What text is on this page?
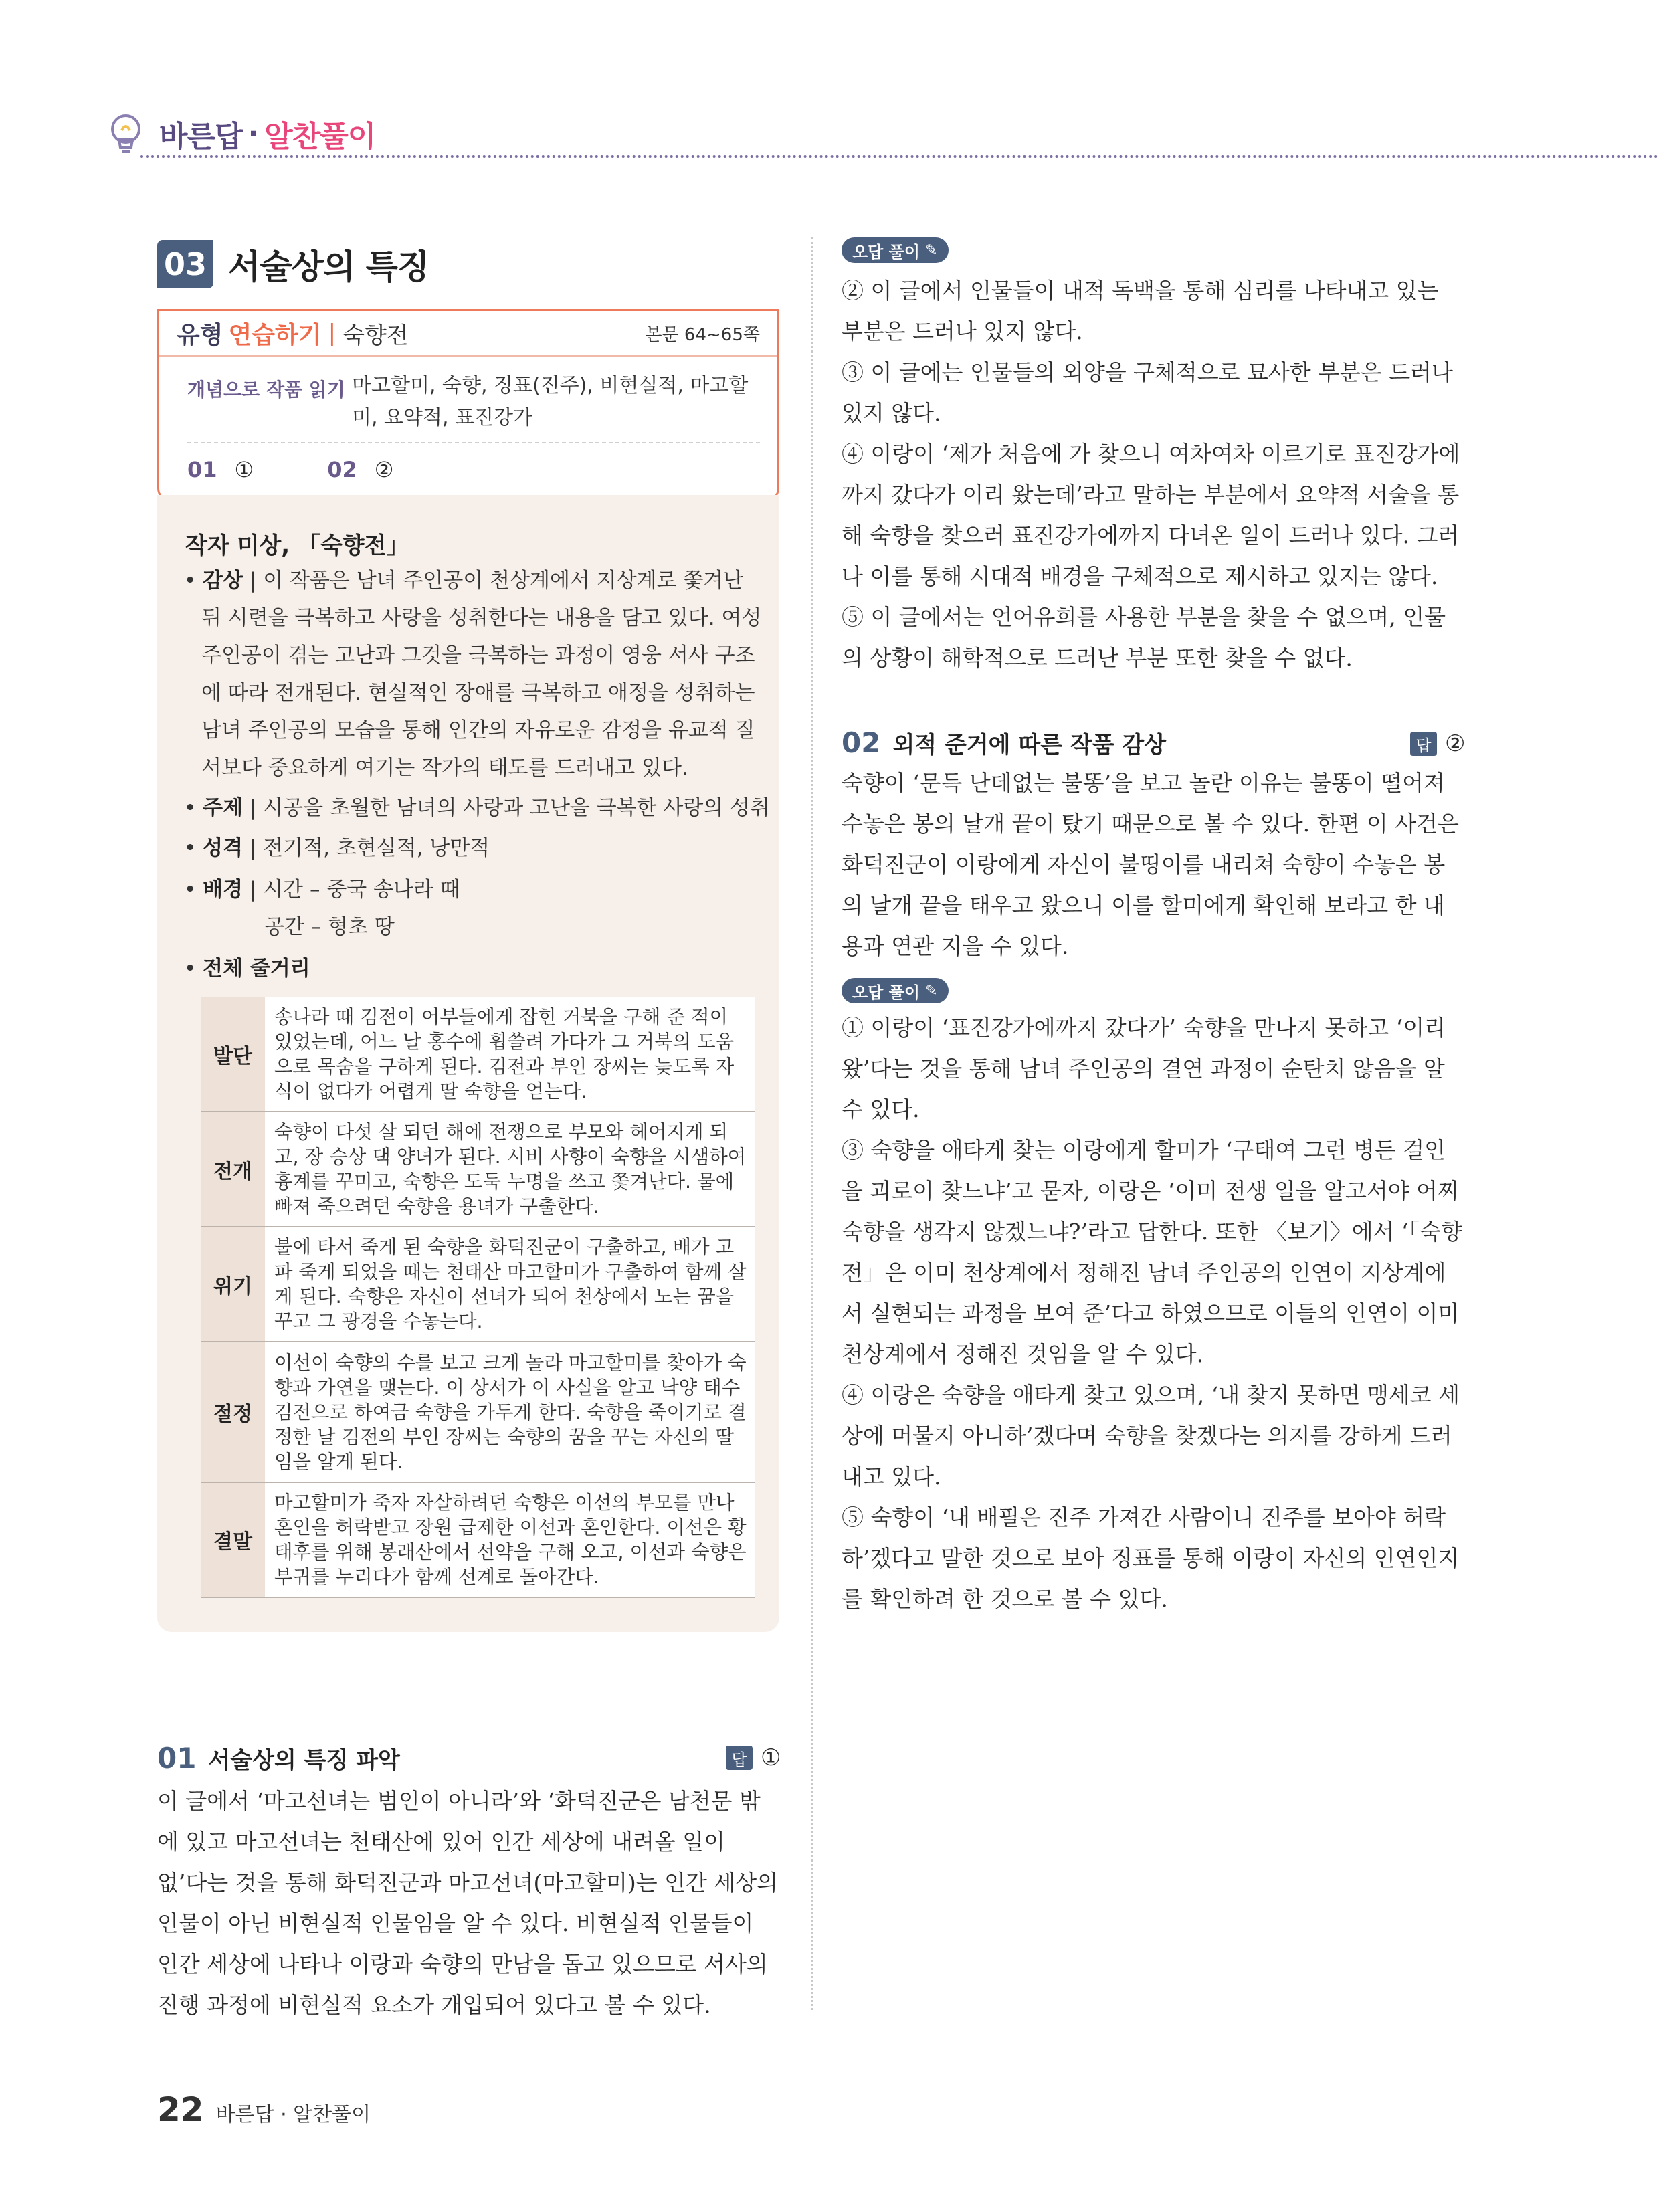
바른답 · 알찬풀이
03 서술상의 특징
유형 연습하기 | 숙향전	본문 64~65쪽
개념으로 작품 읽기 마고할미, 숙향, 징표(진주), 비현실적, 마고할미, 요약적, 표진강가
01 ①	02 ②
작자 미상, 「숙향전」
• 감상 | 이 작품은 남녀 주인공이 천상계에서 지상계로 쫓겨난 뒤 시련을 극복하고 사랑을 성취한다는 내용을 담고 있다. 여성 주인공이 겪는 고난과 그것을 극복하는 과정이 영웅 서사 구조에 따라 전개된다. 현실적인 장애를 극복하고 애정을 성취하는 남녀 주인공의 모습을 통해 인간의 자유로운 감정을 유교적 질서보다 중요하게 여기는 작가의 태도를 드러내고 있다.
• 주제 | 시공을 초월한 남녀의 사랑과 고난을 극복한 사랑의 성취
• 성격 | 전기적, 초현실적, 낭만적
• 배경 | 시간 – 중국 송나라 때
공간 – 형초 땅
• 전체 줄거리
발단	송나라 때 김전이 어부들에게 잡힌 거북을 구해 준 적이 있었는데, 어느 날 홍수에 휩쓸려 가다가 그 거북의 도움으로 목숨을 구하게 된다. 김전과 부인 장씨는 늦도록 자식이 없다가 어렵게 딸 숙향을 얻는다.
전개	숙향이 다섯 살 되던 해에 전쟁으로 부모와 헤어지게 되고, 장 승상 댁 양녀가 된다. 시비 사향이 숙향을 시샘하여 흉계를 꾸미고, 숙향은 도둑 누명을 쓰고 쫓겨난다. 물에 빠져 죽으려던 숙향을 용녀가 구출한다.
위기	불에 타서 죽게 된 숙향을 화덕진군이 구출하고, 배가 고파 죽게 되었을 때는 천태산 마고할미가 구출하여 함께 살게 된다. 숙향은 자신이 선녀가 되어 천상에서 노는 꿈을 꾸고 그 광경을 수놓는다.
절정	이선이 숙향의 수를 보고 크게 놀라 마고할미를 찾아가 숙향과 가연을 맺는다. 이 상서가 이 사실을 알고 낙양 태수 김전으로 하여금 숙향을 가두게 한다. 숙향을 죽이기로 결정한 날 김전의 부인 장씨는 숙향의 꿈을 꾸는 자신의 딸임을 알게 된다.
결말	마고할미가 죽자 자살하려던 숙향은 이선의 부모를 만나 혼인을 허락받고 장원 급제한 이선과 혼인한다. 이선은 황태후를 위해 봉래산에서 선약을 구해 오고, 이선과 숙향은 부귀를 누리다가 함께 선계로 돌아간다.
01 서술상의 특징 파악	답 ①
이 글에서 ‘마고선녀는 범인이 아니라’와 ‘화덕진군은 남천문 밖에 있고 마고선녀는 천태산에 있어 인간 세상에 내려올 일이 없’다는 것을 통해 화덕진군과 마고선녀(마고할미)는 인간 세상의 인물이 아닌 비현실적 인물임을 알 수 있다. 비현실적 인물들이 인간 세상에 나타나 이랑과 숙향의 만남을 돕고 있으므로 서사의 진행 과정에 비현실적 요소가 개입되어 있다고 볼 수 있다.
오답 풀이 ✎
② 이 글에서 인물들이 내적 독백을 통해 심리를 나타내고 있는 부분은 드러나 있지 않다.
③ 이 글에는 인물들의 외양을 구체적으로 묘사한 부분은 드러나 있지 않다.
④ 이랑이 ‘제가 처음에 가 찾으니 여차여차 이르기로 표진강가에까지 갔다가 이리 왔는데’라고 말하는 부분에서 요약적 서술을 통해 숙향을 찾으러 표진강가에까지 다녀온 일이 드러나 있다. 그러나 이를 통해 시대적 배경을 구체적으로 제시하고 있지는 않다.
⑤ 이 글에서는 언어유희를 사용한 부분을 찾을 수 없으며, 인물의 상황이 해학적으로 드러난 부분 또한 찾을 수 없다.
02 외적 준거에 따른 작품 감상	답 ②
숙향이 ‘문득 난데없는 불똥’을 보고 놀란 이유는 불똥이 떨어져 수놓은 봉의 날개 끝이 탔기 때문으로 볼 수 있다. 한편 이 사건은 화덕진군이 이랑에게 자신이 불띵이를 내리쳐 숙향이 수놓은 봉의 날개 끝을 태우고 왔으니 이를 할미에게 확인해 보라고 한 내용과 연관 지을 수 있다.
오답 풀이 ✎
① 이랑이 ‘표진강가에까지 갔다가’ 숙향을 만나지 못하고 ‘이리 왔’다는 것을 통해 남녀 주인공의 결연 과정이 순탄치 않음을 알 수 있다.
③ 숙향을 애타게 찾는 이랑에게 할미가 ‘구태여 그런 병든 걸인을 괴로이 찾느냐’고 묻자, 이랑은 ‘이미 전생 일을 알고서야 어찌 숙향을 생각지 않겠느냐?’라고 답한다. 또한 〈보기〉에서 ‘「숙향전」은 이미 천상계에서 정해진 남녀 주인공의 인연이 지상계에서 실현되는 과정을 보여 준’다고 하였으므로 이들의 인연이 이미 천상계에서 정해진 것임을 알 수 있다.
④ 이랑은 숙향을 애타게 찾고 있으며, ‘내 찾지 못하면 맹세코 세상에 머물지 아니하’겠다며 숙향을 찾겠다는 의지를 강하게 드러내고 있다.
⑤ 숙향이 ‘내 배필은 진주 가져간 사람이니 진주를 보아야 허락하’겠다고 말한 것으로 보아 징표를 통해 이랑이 자신의 인연인지를 확인하려 한 것으로 볼 수 있다.
22 바른답 · 알찬풀이
